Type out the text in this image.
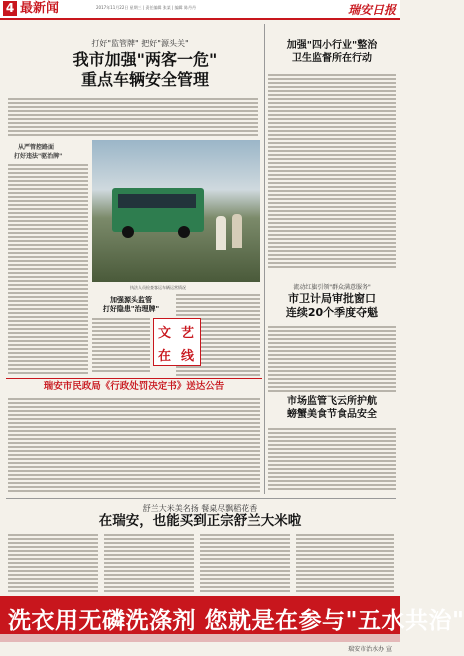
4 最新闻	2017年11月22日 星期三 | 责任编辑 张某 | 编辑 陈丹丹	瑞安日报
打好"监管牌" 把好"源头关"
我市加强"两客一危"
重点车辆安全管理
从严管控路面
打好违法"驱治牌"
执法人员检查客运车辆运营情况
加强源头监管
打好隐患"治理牌"
文 艺
在 线
加强"四小行业"整治
卫生监督所在行动
流动红旗引领"群众满意服务"
市卫计局审批窗口
连续20个季度夺魁
市场监管飞云所护航
螃蟹美食节食品安全
瑞安市民政局《行政处罚决定书》送达公告
舒兰大米美名扬 餐桌尽飘稻花香
在瑞安，也能买到正宗舒兰大米啦
洗衣用无磷洗涤剂 您就是在参与"五水共治"
瑞安市治水办 宣
